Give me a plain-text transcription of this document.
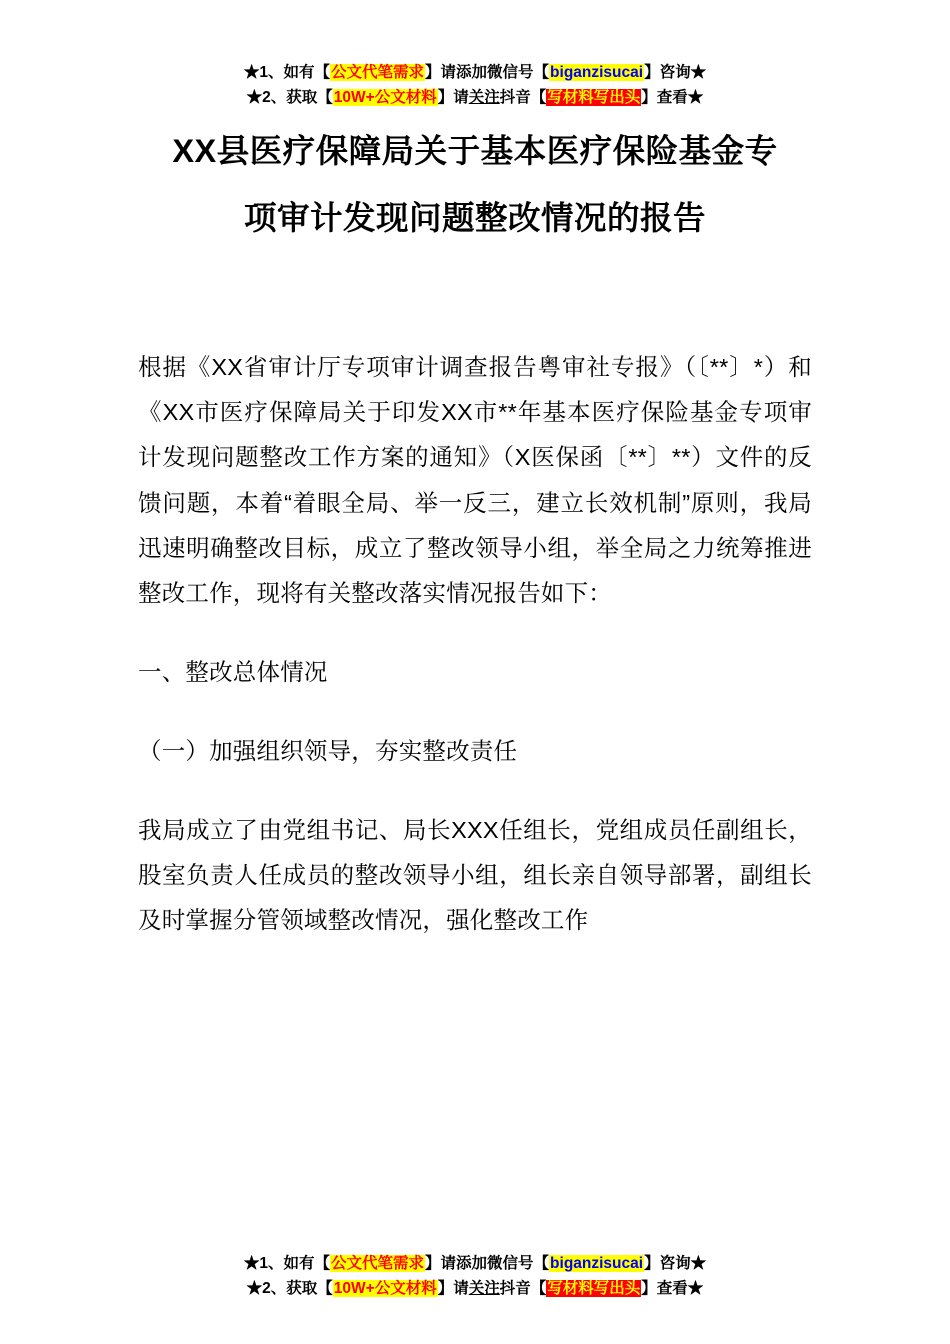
★1、如有【公文代笔需求】请添加微信号【biganzisucai】咨询★
★2、获取【10W+公文材料】请关注抖音【写材料写出头】查看★
XX县医疗保障局关于基本医疗保险基金专
项审计发现问题整改情况的报告

根据《XX省审计厅专项审计调查报告粤审社专报》（〔**〕*）和《XX市医疗保障局关于印发XX市**年基本医疗保险基金专项审计发现问题整改工作方案的通知》（X医保函〔**〕**）文件的反馈问题，本着“着眼全局、举一反三，建立长效机制”原则，我局迅速明确整改目标，成立了整改领导小组，举全局之力统筹推进整改工作，现将有关整改落实情况报告如下：

一、整改总体情况

（一）加强组织领导，夯实整改责任

我局成立了由党组书记、局长XXX任组长，党组成员任副组长，股室负责人任成员的整改领导小组，组长亲自领导部署，副组长及时掌握分管领域整改情况，强化整改工作

★1、如有【公文代笔需求】请添加微信号【biganzisucai】咨询★
★2、获取【10W+公文材料】请关注抖音【写材料写出头】查看★
